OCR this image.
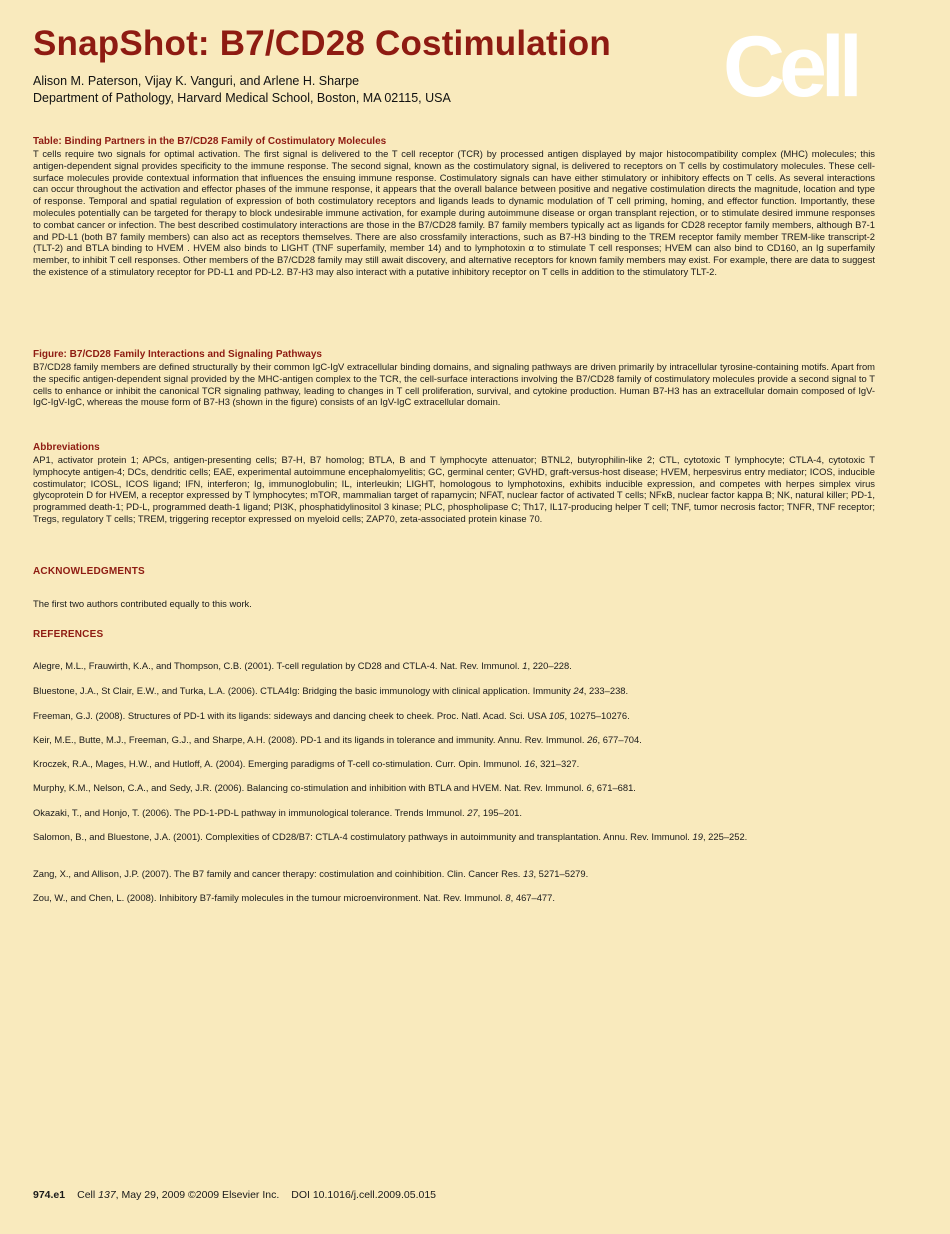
SnapShot: B7/CD28 Costimulation
Alison M. Paterson, Vijay K. Vanguri, and Arlene H. Sharpe
Department of Pathology, Harvard Medical School, Boston, MA 02115, USA	Cell

Table: Binding Partners in the B7/CD28 Family of Costimulatory Molecules

T cells require two signals for optimal activation. The first signal is delivered to the T cell receptor (TCR) by processed antigen displayed by major histocompatibility complex (MHC) molecules; this antigen-dependent signal provides specificity to the immune response. The second signal, known as the costimulatory signal, is delivered to receptors on T cells by costimulatory molecules. These cell-surface molecules provide contextual information that influences the ensuing immune response. Costimulatory signals can have either stimulatory or inhibitory effects on T cells. As several interactions can occur throughout the activation and effector phases of the immune response, it appears that the overall balance between positive and negative costimulation directs the magnitude, location and type of response. Temporal and spatial regulation of expression of both costimulatory receptors and ligands leads to dynamic modulation of T cell priming, homing, and effector function. Importantly, these molecules potentially can be targeted for therapy to block undesirable immune activation, for example during autoimmune disease or organ transplant rejection, or to stimulate desired immune responses to combat cancer or infection. The best described costimulatory interactions are those in the B7/CD28 family. B7 family members typically act as ligands for CD28 receptor family members, although B7-1 and PD-L1 (both B7 family members) can also act as receptors themselves. There are also crossfamily interactions, such as B7-H3 binding to the TREM receptor family member TREM-like transcript-2 (TLT-2) and BTLA binding to HVEM . HVEM also binds to LIGHT (TNF superfamily, member 14) and to lymphotoxin α to stimulate T cell responses; HVEM can also bind to CD160, an Ig superfamily member, to inhibit T cell responses. Other members of the B7/CD28 family may still await discovery, and alternative receptors for known family members may exist. For example, there are data to suggest the existence of a stimulatory receptor for PD-L1 and PD-L2. B7-H3 may also interact with a putative inhibitory receptor on T cells in addition to the stimulatory TLT-2.

Figure: B7/CD28 Family Interactions and Signaling Pathways

B7/CD28 family members are defined structurally by their common IgC-IgV extracellular binding domains, and signaling pathways are driven primarily by intracellular tyrosine-containing motifs. Apart from the specific antigen-dependent signal provided by the MHC-antigen complex to the TCR, the cell-surface interactions involving the B7/CD28 family of costimulatory molecules provide a second signal to T cells to enhance or inhibit the canonical TCR signaling pathway, leading to changes in T cell proliferation, survival, and cytokine production. Human B7-H3 has an extracellular domain composed of IgV-IgC-IgV-IgC, whereas the mouse form of B7-H3 (shown in the figure) consists of an IgV-IgC extracellular domain.

Abbreviations

AP1, activator protein 1; APCs, antigen-presenting cells; B7-H, B7 homolog; BTLA, B and T lymphocyte attenuator; BTNL2, butyrophilin-like 2; CTL, cytotoxic T lymphocyte; CTLA-4, cytotoxic T lymphocyte antigen-4; DCs, dendritic cells; EAE, experimental autoimmune encephalomyelitis; GC, germinal center; GVHD, graft-versus-host disease; HVEM, herpesvirus entry mediator; ICOS, inducible costimulator; ICOSL, ICOS ligand; IFN, interferon; Ig, immunoglobulin; IL, interleukin; LIGHT, homologous to lymphotoxins, exhibits inducible expression, and competes with herpes simplex virus glycoprotein D for HVEM, a receptor expressed by T lymphocytes; mTOR, mammalian target of rapamycin; NFAT, nuclear factor of activated T cells; NFκB, nuclear factor kappa B; NK, natural killer; PD-1, programmed death-1; PD-L, programmed death-1 ligand; PI3K, phosphatidylinositol 3 kinase; PLC, phospholipase C; Th17, IL17-producing helper T cell; TNF, tumor necrosis factor; TNFR, TNF receptor; Tregs, regulatory T cells; TREM, triggering receptor expressed on myeloid cells; ZAP70, zeta-associated protein kinase 70.

ACKNOWLEDGMENTS

The first two authors contributed equally to this work.

REFERENCES

Alegre, M.L., Frauwirth, K.A., and Thompson, C.B. (2001). T-cell regulation by CD28 and CTLA-4. Nat. Rev. Immunol. 1, 220–228.
Bluestone, J.A., St Clair, E.W., and Turka, L.A. (2006). CTLA4Ig: Bridging the basic immunology with clinical application. Immunity 24, 233–238.
Freeman, G.J. (2008). Structures of PD-1 with its ligands: sideways and dancing cheek to cheek. Proc. Natl. Acad. Sci. USA 105, 10275–10276.
Keir, M.E., Butte, M.J., Freeman, G.J., and Sharpe, A.H. (2008). PD-1 and its ligands in tolerance and immunity. Annu. Rev. Immunol. 26, 677–704.
Kroczek, R.A., Mages, H.W., and Hutloff, A. (2004). Emerging paradigms of T-cell co-stimulation. Curr. Opin. Immunol. 16, 321–327.
Murphy, K.M., Nelson, C.A., and Sedy, J.R. (2006). Balancing co-stimulation and inhibition with BTLA and HVEM. Nat. Rev. Immunol. 6, 671–681.
Okazaki, T., and Honjo, T. (2006). The PD-1-PD-L pathway in immunological tolerance. Trends Immunol. 27, 195–201.
Salomon, B., and Bluestone, J.A. (2001). Complexities of CD28/B7: CTLA-4 costimulatory pathways in autoimmunity and transplantation. Annu. Rev. Immunol. 19, 225–252.
Zang, X., and Allison, J.P. (2007). The B7 family and cancer therapy: costimulation and coinhibition. Clin. Cancer Res. 13, 5271–5279.
Zou, W., and Chen, L. (2008). Inhibitory B7-family molecules in the tumour microenvironment. Nat. Rev. Immunol. 8, 467–477.
974.e1 Cell 137, May 29, 2009 ©2009 Elsevier Inc. DOI 10.1016/j.cell.2009.05.015
